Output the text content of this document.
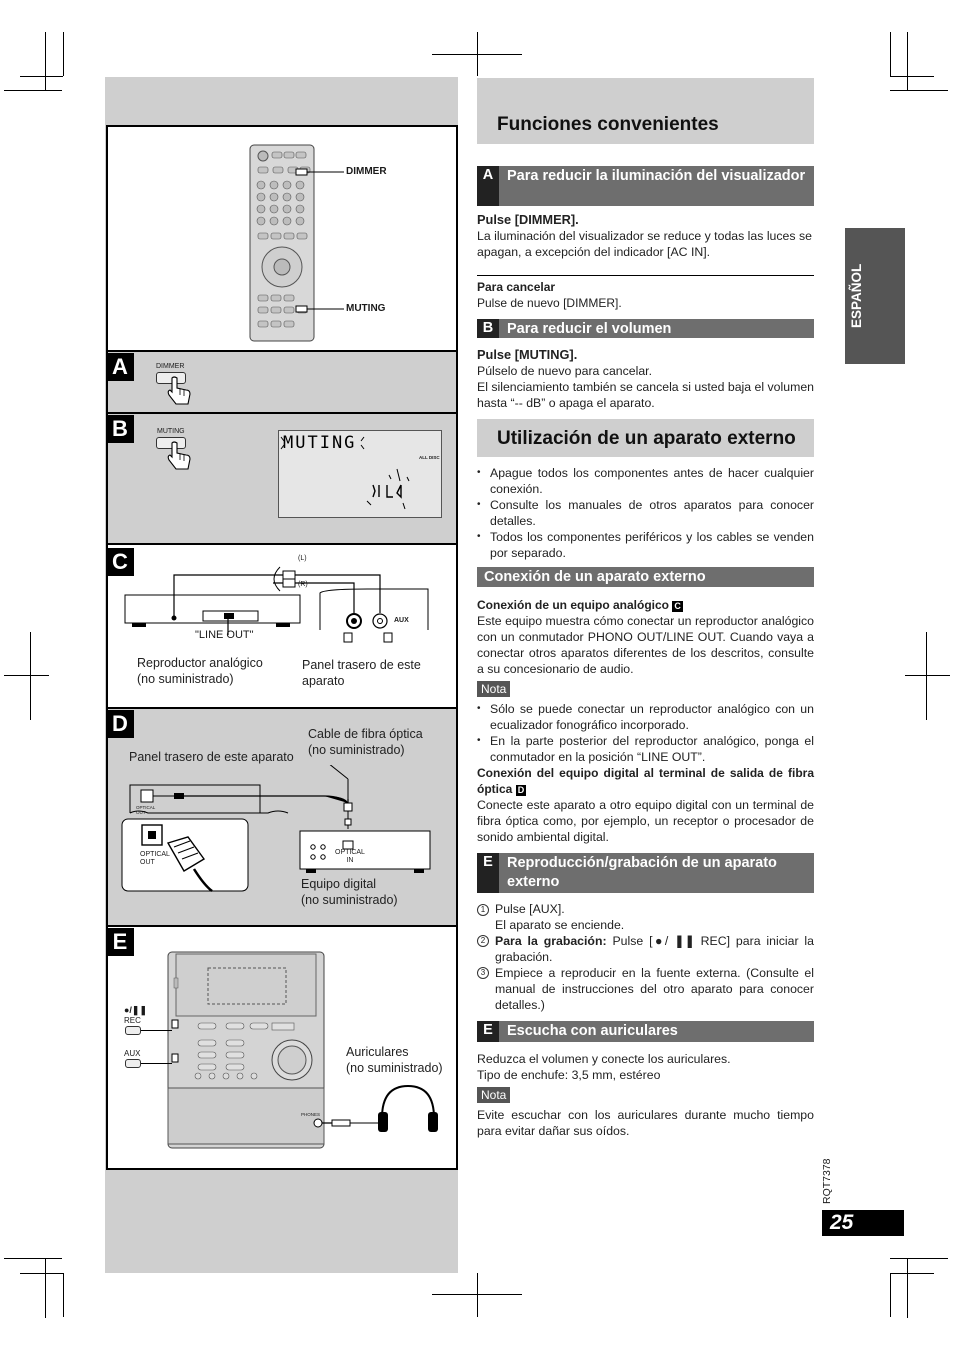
DIMMER
MUTING
A	DIMMER
B	MUTING
MUTING
ALL DISC
C	(L)
(R)
"LINE OUT"
AUX
Reproductor analógico
(no suministrado)
Panel trasero de este
aparato
D
Panel trasero de este aparato
Cable de fibra óptica
(no suministrado)
OPTICAL
OUT
OPTICAL
OUT
OPTICAL
IN
Equipo digital
(no suministrado)
E
●/❚❚
REC
AUX
PHONES
Auriculares
(no suministrado)
Funciones convenientes
A Para reducir la iluminación del visualizador
Pulse [DIMMER].
La iluminación del visualizador se reduce y todas las luces se apagan, a excepción del indicador [AC IN].
Para cancelar
Pulse de nuevo [DIMMER].
B Para reducir el volumen
Pulse [MUTING].
Púlselo de nuevo para cancelar.
El silenciamiento también se cancela si usted baja el volumen hasta “-- dB” o apaga el aparato.
Utilización de un aparato externo
• Apague todos los componentes antes de hacer cualquier conexión.
• Consulte los manuales de otros aparatos para conocer detalles.
• Todos los componentes periféricos y los cables se venden por separado.
Conexión de un aparato externo
Conexión de un equipo analógico C
Este equipo muestra cómo conectar un reproductor analógico con un conmutador PHONO OUT/LINE OUT. Cuando vaya a conectar otros aparatos diferentes de los descritos, consulte a su concesionario de audio.
Nota
• Sólo se puede conectar un reproductor analógico con un ecualizador fonográfico incorporado.
• En la parte posterior del reproductor analógico, ponga el conmutador en la posición “LINE OUT”.
Conexión del equipo digital al terminal de salida de fibra óptica D
Conecte este aparato a otro equipo digital con un terminal de fibra óptica como, por ejemplo, un receptor o procesador de sonido ambiental digital.
E Reproducción/grabación de un aparato externo
1 Pulse [AUX].
El aparato se enciende.
2 Para la grabación: Pulse [●/ ❚❚ REC] para iniciar la grabación.
3 Empiece a reproducir en la fuente externa. (Consulte el manual de instrucciones del otro aparato para conocer detalles.)
E Escucha con auriculares
Reduzca el volumen y conecte los auriculares.
Tipo de enchufe: 3,5 mm, estéreo
Nota
Evite escuchar con los auriculares durante mucho tiempo para evitar dañar sus oídos.
ESPAÑOL
RQT7378
25
